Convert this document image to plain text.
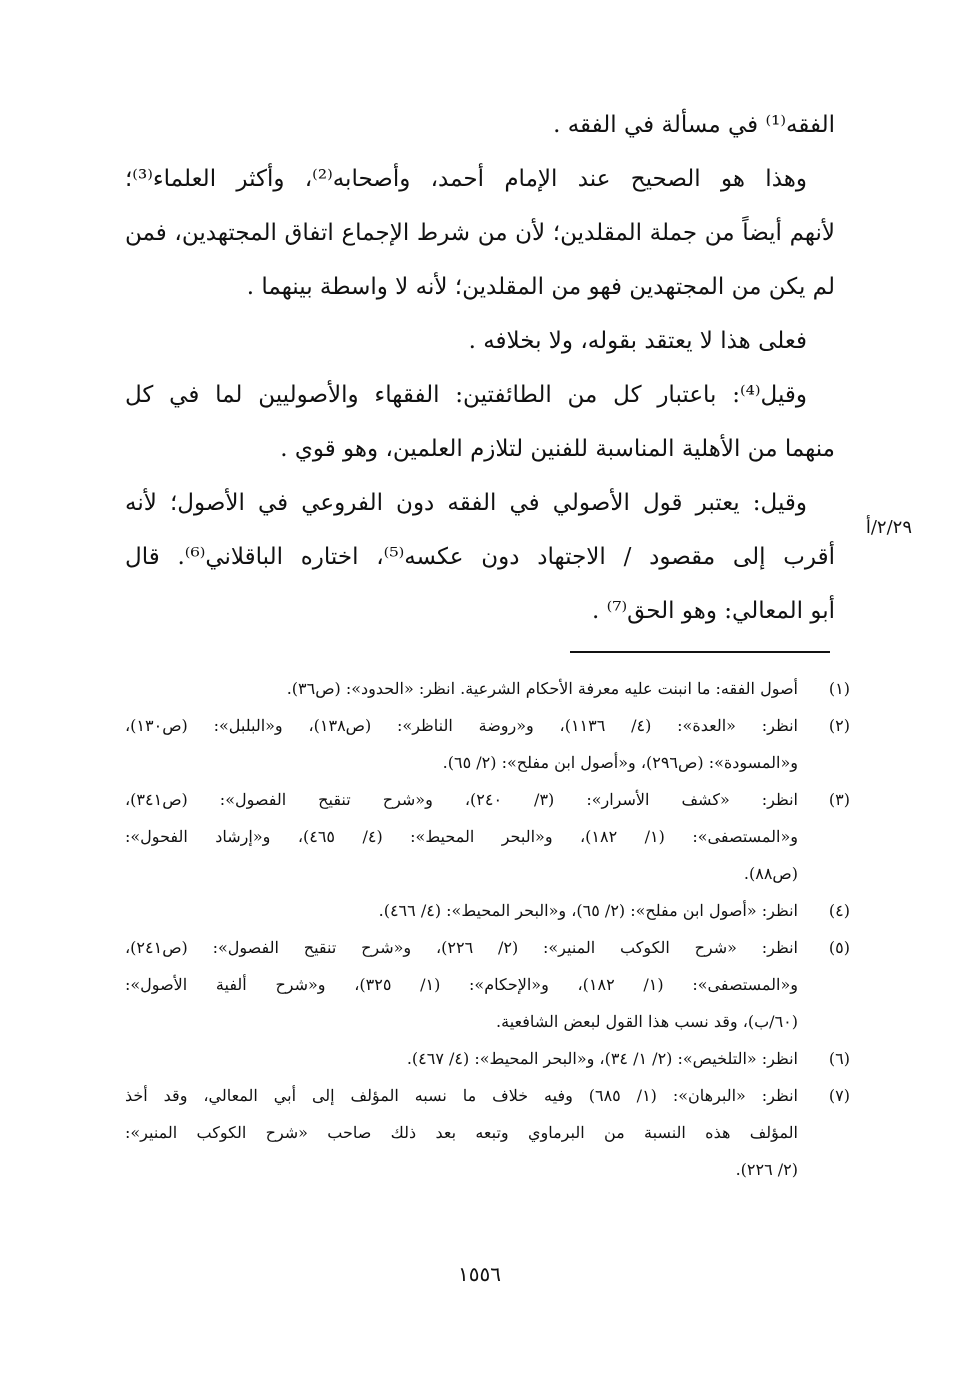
الفقه⁽¹⁾ في مسألة في الفقه .
وهذا هو الصحيح عند الإمام أحمد، وأصحابه⁽²⁾، وأكثر العلماء⁽³⁾؛
لأنهم أيضاً من جملة المقلدين؛ لأن من شرط الإجماع اتفاق المجتهدين، فمن
لم يكن من المجتهدين فهو من المقلدين؛ لأنه لا واسطة بينهما .
فعلى هذا لا يعتقد بقوله، ولا بخلافه .
وقيل⁽⁴⁾: باعتبار كل من الطائفتين: الفقهاء والأصوليين لما في كل
منهما من الأهلية المناسبة للفنين لتلازم العلمين، وهو قوي .
وقيل: يعتبر قول الأصولي في الفقه دون الفروعي في الأصول؛ لأنه
أقرب إلى مقصود / الاجتهاد دون عكسه⁽⁵⁾، اختاره الباقلاني⁽⁶⁾. قال
أبو المعالي: وهو الحق⁽⁷⁾ .
٢/٢٩/أ
(١)
أصول الفقه: ما انبنت عليه معرفة الأحكام الشرعية. انظر: «الحدود»: (ص٣٦).
(٢)
انظر: «العدة»: (٤/ ١١٣٦)، و«روضة الناظر»: (ص١٣٨)، و«البلبل»: (ص١٣٠)،
و«المسودة»: (ص٢٩٦)، و«أصول ابن مفلح»: (٢/ ٦٥).
(٣)
انظر: «كشف الأسرار»: (٣/ ٢٤٠)، و«شرح تنقيح الفصول»: (ص٣٤١)،
و«المستصفى»: (١/ ١٨٢)، و«البحر المحيط»: (٤/ ٤٦٥)، و«إرشاد الفحول»:
(ص٨٨).
(٤)
انظر: «أصول ابن مفلح»: (٢/ ٦٥)، و«البحر المحيط»: (٤/ ٤٦٦).
(٥)
انظر: «شرح الكوكب المنير»: (٢/ ٢٢٦)، و«شرح تنقيح الفصول»: (ص٢٤١)،
و«المستصفى»: (١/ ١٨٢)، و«الإحكام»: (١/ ٣٢٥)، و«شرح ألفية الأصول»:
(٦٠/ب)، وقد نسب هذا القول لبعض الشافعية.
(٦)
انظر: «التلخيص»: (٢/ ١/ ٣٤)، و«البحر المحيط»: (٤/ ٤٦٧).
(٧)
انظر: «البرهان»: (١/ ٦٨٥) وفيه خلاف ما نسبه المؤلف إلى أبي المعالي، وقد أخذ
المؤلف هذه النسبة من البرماوي وتبعه بعد ذلك صاحب «شرح الكوكب المنير»:
(٢/ ٢٢٦).
١٥٥٦
